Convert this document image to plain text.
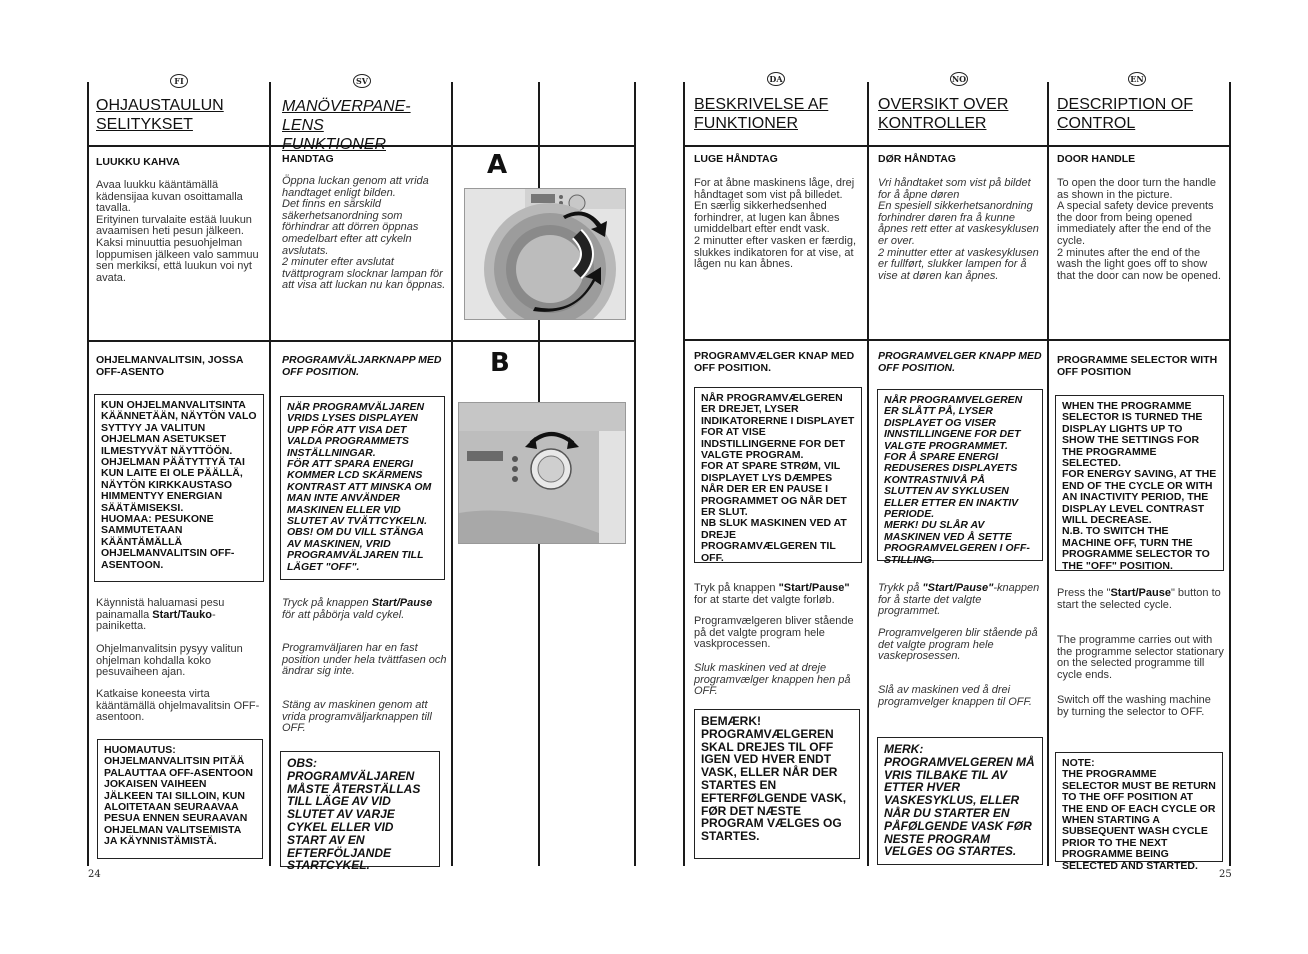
FI
OHJAUSTAULUN SELITYKSET
LUUKKU KAHVA
Avaa luukku kääntämällä kädensijaa kuvan osoittamalla tavalla.
Erityinen turvalaite estää luukun avaamisen heti pesun jälkeen.
Kaksi minuuttia pesuohjelman loppumisen jälkeen valo sammuu sen merkiksi, että luukun voi nyt avata.
OHJELMANVALITSIN, JOSSA OFF-ASENTO
KUN OHJELMANVALITSINTA KÄÄNNETÄÄN, NÄYTÖN VALO SYTTYY JA VALITUN OHJELMAN ASETUKSET ILMESTYVÄT NÄYTTÖÖN. OHJELMAN PÄÄTYTTYÄ TAI KUN LAITE EI OLE PÄÄLLÄ, NÄYTÖN KIRKKAUSTASO HIMMENTYY ENERGIAN SÄÄTÄMISEKSI.
HUOMAA: PESUKONE SAMMUTETAAN KÄÄNTÄMÄLLÄ OHJELMANVALITSIN OFF-ASENTOON.
Käynnistä haluamasi pesu painamalla Start/Tauko-painiketta.
Ohjelmanvalitsin pysyy valitun ohjelman kohdalla koko pesuvaiheen ajan.
Katkaise koneesta virta kääntämällä ohjelmavalitsin OFF-asentoon.
HUOMAUTUS: OHJELMANVALITSIN PITÄÄ PALAUTTAA OFF-ASENTOON JOKAISEN VAIHEEN JÄLKEEN TAI SILLOIN, KUN ALOITETAAN SEURAAVAA PESUA ENNEN SEURAAVAN OHJELMAN VALITSEMISTA JA KÄYNNISTÄMISTÄ.
SV
MANÖVERPANE-LENS FUNKTIONER
HANDTAG
Öppna luckan genom att vrida handtaget enligt bilden.
Det finns en särskild säkerhetsanordning som förhindrar att dörren öppnas omedelbart efter att cykeln avslutats.
2 minuter efter avslutat tvättprogram slocknar lampan för att visa att luckan nu kan öppnas.
PROGRAMVÄLJARKNAPP MED OFF POSITION.
NÄR PROGRAMVÄLJAREN VRIDS LYSES DISPLAYEN UPP FÖR ATT VISA DET VALDA PROGRAMMETS INSTÄLLNINGAR.
FÖR ATT SPARA ENERGI KOMMER LCD SKÄRMENS KONTRAST ATT MINSKA OM MAN INTE ANVÄNDER MASKINEN ELLER VID SLUTET AV TVÄTTCYKELN.
OBS! OM DU VILL STÄNGA AV MASKINEN, VRID PROGRAMVÄLJAREN TILL LÄGET "OFF".
Tryck på knappen Start/Pause för att påbörja vald cykel.
Programväljaren har en fast position under hela tvättfasen och ändrar sig inte.
Stäng av maskinen genom att vrida programväljarknappen till OFF.
OBS: PROGRAMVÄLJAREN MÅSTE ÅTERSTÄLLAS TILL LÄGE AV VID SLUTET AV VARJE CYKEL ELLER VID START AV EN EFTERFÖLJANDE STARTCYKEL.
A
B
24
DA
BESKRIVELSE AF FUNKTIONER
LUGE HÅNDTAG
For at åbne maskinens låge, drej håndtaget som vist på billedet.
En særlig sikkerhedsenhed forhindrer, at lugen kan åbnes umiddelbart efter endt vask.
2 minutter efter vasken er færdig, slukkes indikatoren for at vise, at lågen nu kan åbnes.
PROGRAMVÆLGER KNAP MED OFF POSITION.
NÅR PROGRAMVÆLGEREN ER DREJET, LYSER INDIKATORERNE I DISPLAYET FOR AT VISE INDSTILLINGERNE FOR DET VALGTE PROGRAM.
FOR AT SPARE STRØM, VIL DISPLAYET LYS DÆMPES NÅR DER ER EN PAUSE I PROGRAMMET OG NÅR DET ER SLUT.
NB SLUK MASKINEN VED AT DREJE PROGRAMVÆLGEREN TIL OFF.
Tryk på knappen "Start/Pause" for at starte det valgte forløb.
Programvælgeren bliver stående på det valgte program hele vaskprocessen.
Sluk maskinen ved at dreje programvælger knappen hen på OFF.
BEMÆRK! PROGRAMVÆLGEREN SKAL DREJES TIL OFF IGEN VED HVER ENDT VASK, ELLER NÅR DER STARTES EN EFTERFØLGENDE VASK, FØR DET NÆSTE PROGRAM VÆLGES OG STARTES.
NO
OVERSIKT OVER KONTROLLER
DØR HÅNDTAG
Vri håndtaket som vist på bildet for å åpne døren
En spesiell sikkerhetsanordning forhindrer døren fra å kunne åpnes rett etter at vaskesyklusen er over.
2 minutter etter at vaskesyklusen er fullført, slukker lampen for å vise at døren kan åpnes.
PROGRAMVELGER KNAPP MED OFF POSITION.
NÅR PROGRAMVELGEREN ER SLÅTT PÅ, LYSER DISPLAYET OG VISER INNSTILLINGENE FOR DET VALGTE PROGRAMMET.
FOR Å SPARE ENERGI REDUSERES DISPLAYETS KONTRASTNIVÅ PÅ SLUTTEN AV SYKLUSEN ELLER ETTER EN INAKTIV PERIODE.
MERK! DU SLÅR AV MASKINEN VED Å SETTE PROGRAMVELGEREN I OFF-STILLING.
Trykk på "Start/Pause"-knappen for å starte det valgte programmet.
Programvelgeren blir stående på det valgte program hele vaskeprosessen.
Slå av maskinen ved å drei programvelger knappen til OFF.
MERK: PROGRAMVELGEREN MÅ VRIS TILBAKE TIL AV ETTER HVER VASKESYKLUS, ELLER NÅR DU STARTER EN PÅFØLGENDE VASK FØR NESTE PROGRAM VELGES OG STARTES.
EN
DESCRIPTION OF CONTROL
DOOR HANDLE
To open the door turn the handle as shown in the picture.
A special safety device prevents the door from being opened immediately after the end of the cycle.
2 minutes after the end of the wash the light goes off to show that the door can now be opened.
PROGRAMME SELECTOR WITH OFF POSITION
WHEN THE PROGRAMME SELECTOR IS TURNED THE DISPLAY LIGHTS UP TO SHOW THE SETTINGS FOR THE PROGRAMME SELECTED.
FOR ENERGY SAVING, AT THE END OF THE CYCLE OR WITH AN INACTIVITY PERIOD, THE DISPLAY LEVEL CONTRAST WILL DECREASE.
N.B. TO SWITCH THE MACHINE OFF, TURN THE PROGRAMME SELECTOR TO THE "OFF" POSITION.
Press the "Start/Pause" button to start the selected cycle.
The programme carries out with the programme selector stationary on the selected programme till cycle ends.
Switch off the washing machine by turning the selector to OFF.
NOTE:
THE PROGRAMME SELECTOR MUST BE RETURN TO THE OFF POSITION AT THE END OF EACH CYCLE OR WHEN STARTING A SUBSEQUENT WASH CYCLE PRIOR TO THE NEXT PROGRAMME BEING SELECTED AND STARTED.
25
